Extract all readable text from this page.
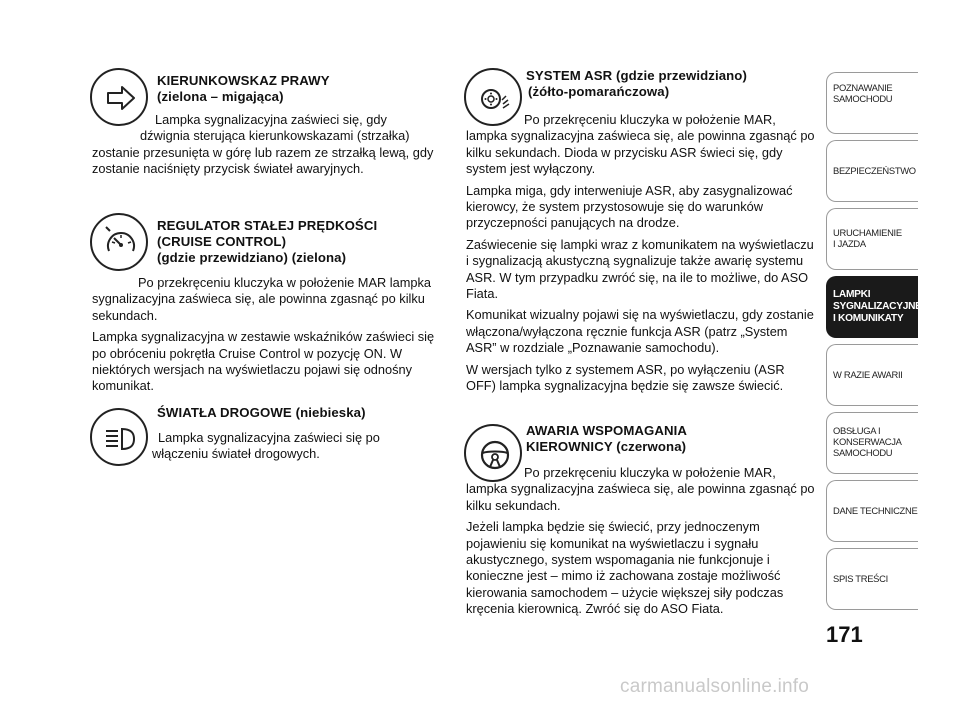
KIERUNKOWSKAZ PRAWY
(zielona – migająca)
Lampka sygnalizacyjna zaświeci się, gdy
dźwignia sterująca kierunkowskazami (strzałka) zostanie przesunięta w górę lub razem ze strzałką lewą, gdy zostanie naciśnięty przycisk świateł awaryjnych.
REGULATOR STAŁEJ PRĘDKOŚCI
(CRUISE CONTROL)
(gdzie przewidziano) (zielona)

Po przekręceniu kluczyka w położenie MAR lampka sygnalizacyjna zaświeca się, ale powinna zgasnąć po kilku sekundach.

Lampka sygnalizacyjna w zestawie wskaźników zaświeci się po obróceniu pokrętła Cruise Control w pozycję ON. W niektórych wersjach na wyświetlaczu pojawi się odnośny komunikat.

ŚWIATŁA DROGOWE (niebieska)
Lampka sygnalizacyjna zaświeci się po włączeniu świateł drogowych.
SYSTEM ASR (gdzie przewidziano)
(żółto-pomarańczowa)

Po przekręceniu kluczyka w położenie MAR, lampka sygnalizacyjna zaświeca się, ale powinna zgasnąć po kilku sekundach. Dioda w przycisku ASR świeci się, gdy system jest wyłączony.

Lampka miga, gdy interweniuje ASR, aby zasygnalizować kierowcy, że system przystosowuje się do warunków przyczepności panujących na drodze.

Zaświecenie się lampki wraz z komunikatem na wyświetlaczu i sygnalizacją akustyczną sygnalizuje także awarię systemu ASR. W tym przypadku zwróć się, na ile to możliwe, do ASO Fiata.

Komunikat wizualny pojawi się na wyświetlaczu, gdy zostanie włączona/wyłączona ręcznie funkcja ASR (patrz „System ASR” w rozdziale „Poznawanie samochodu).

W wersjach tylko z systemem ASR, po wyłączeniu (ASR OFF) lampka sygnalizacyjna będzie się zawsze świecić.

AWARIA WSPOMAGANIA
KIEROWNICY (czerwona)

Po przekręceniu kluczyka w położenie MAR, lampka sygnalizacyjna zaświeca się, ale powinna zgasnąć po kilku sekundach.

Jeżeli lampka będzie się świecić, przy jednoczenym pojawieniu się komunikat na wyświetlaczu i sygnału akustycznego, system wspomagania nie funkcjonuje i konieczne jest – mimo iż zachowana zostaje możliwość kierowania samochodem – użycie większej siły podczas kręcenia kierownicą. Zwróć się do ASO Fiata.

POZNAWANIE
SAMOCHODU
BEZPIECZEŃSTWO
URUCHAMIENIE
I JAZDA
LAMPKI
SYGNALIZACYJNE
I KOMUNIKATY
W RAZIE AWARII
OBSŁUGA I
KONSERWACJA
SAMOCHODU
DANE TECHNICZNE
SPIS TREŚCI
171
carmanualsonline.info
